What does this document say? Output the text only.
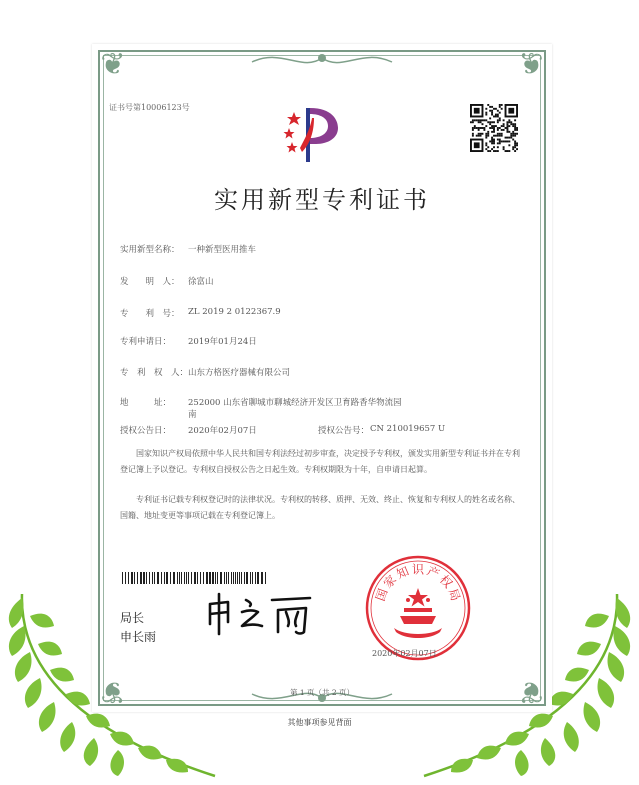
❦	❦
❦	❦
证书号第10006123号
实用新型专利证书
实用新型名称： 一种新型医用推车
发　　明　人： 徐富山
专　　利　号： ZL 2019 2 0122367.9
专利申请日： 2019年01月24日
专　利　权　人： 山东方格医疗器械有限公司
地　　　址： 252000 山东省聊城市聊城经济开发区卫育路香华物流园
南
授权公告日： 2020年02月07日	授权公告号： CN 210019657 U
国家知识产权局依照中华人民共和国专利法经过初步审查，决定授予专利权，颁发实用新型专利证书并在专利登记簿上予以登记。专利权自授权公告之日起生效。专利权期限为十年，自申请日起算。
专利证书记载专利权登记时的法律状况。专利权的转移、质押、无效、终止、恢复和专利权人的姓名或名称、国籍、地址变更等事项记载在专利登记簿上。
局长
申长雨
国
家
知 识 产
权
局
2020年02月07日
第 1 页（共 2 页）
其他事项参见背面
